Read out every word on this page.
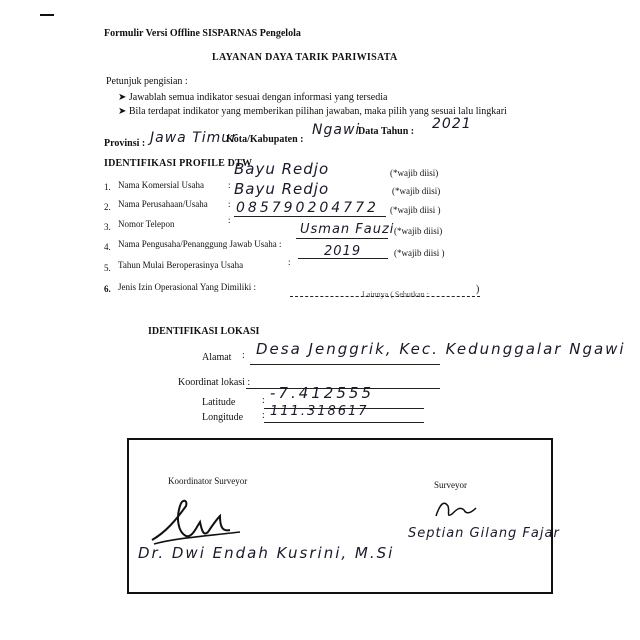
Formulir Versi Offline SISPARNAS Pengelola
LAYANAN DAYA TARIK PARIWISATA
Petunjuk pengisian :
➤ Jawablah semua indikator sesuai dengan informasi yang tersedia
➤ Bila terdapat indikator yang memberikan pilihan jawaban, maka pilih yang sesuai lalu lingkari
Provinsi : Jawa Timur
Kota/Kabupaten :
Ngawi
Data Tahun : 2021
IDENTIFIKASI PROFILE DTW
1. Nama Komersial Usaha	:
Bayu Redjo	(*wajib diisi)
2. Nama Perusahaan/Usaha :
Bayu Redjo	(*wajib diisi)
3. Nomor Telepon	:
085790204772 (*wajib diisi )
4. Nama Pengusaha/Penanggung Jawab Usaha :
Usman Fauzi (*wajib diisi)
5. Tahun Mulai Beroperasinya Usaha	:
2019	(*wajib diisi )
6. Jenis Izin Operasional Yang Dimiliki :
Lainnya ( Sebutkan :	)
IDENTIFIKASI LOKASI
Alamat : Desa Jenggrik, Kec. Kedunggalar Ngawi
Koordinat lokasi :
Latitude	: -7.412555
Longitude : 111.318617
Koordinator Surveyor
Dr. Dwi Endah Kusrini, M.Si
Surveyor
Septian Gilang Fajar
